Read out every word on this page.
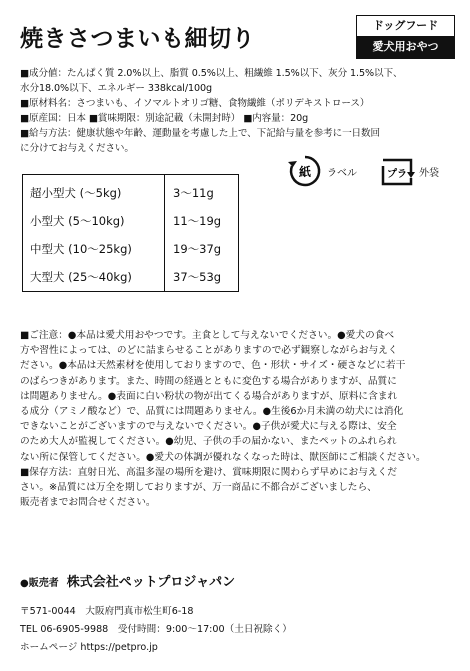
焼きさつまいも細切り
ドッグフード
愛犬用おやつ
■成分値：たんぱく質 2.0%以上、脂質 0.5%以上、粗繊維 1.5%以下、灰分 1.5%以下、
水分18.0%以下、エネルギー 338kcal/100g
■原材料名：さつまいも、イソマルトオリゴ糖、食物繊維（ポリデキストロース）
■原産国：日本 ■賞味期限：別途記載（未開封時） ■内容量：20g
■給与方法：健康状態や年齢、運動量を考慮した上で、下記給与量を参考に一日数回
に分けてお与えください。
紙 ラベル	プラ 外袋
超小型犬 (〜5kg)	3〜11g
小型犬 (5〜10kg)	11〜19g
中型犬 (10〜25kg)	19〜37g
大型犬 (25〜40kg)	37〜53g
■ご注意：●本品は愛犬用おやつです。主食として与えないでください。●愛犬の食べ
方や習性によっては、のどに詰まらせることがありますので必ず観察しながらお与えく
ださい。●本品は天然素材を使用しておりますので、色・形状・サイズ・硬さなどに若干
のばらつきがあります。また、時間の経過とともに変色する場合がありますが、品質に
は問題ありません。●表面に白い粉状の物が出てくる場合がありますが、原料に含まれ
る成分（アミノ酸など）で、品質には問題ありません。●生後6か月未満の幼犬には消化
できないことがございますので与えないでください。●子供が愛犬に与える際は、安全
のため大人が監視してください。●幼児、子供の手の届かない、またペットのふれられ
ない所に保管してください。●愛犬の体調が優れなくなった時は、獣医師にご相談ください。
■保存方法：直射日光、高温多湿の場所を避け、賞味期限に関わらず早めにお与えくだ
さい。※品質には万全を期しておりますが、万一商品に不都合がございましたら、
販売者までお問合せください。
●販売者 株式会社ペットプロジャパン
〒571-0044　大阪府門真市松生町6-18
TEL 06-6905-9988　受付時間：9:00〜17:00（土日祝除く）
ホームページ https://petpro.jp
